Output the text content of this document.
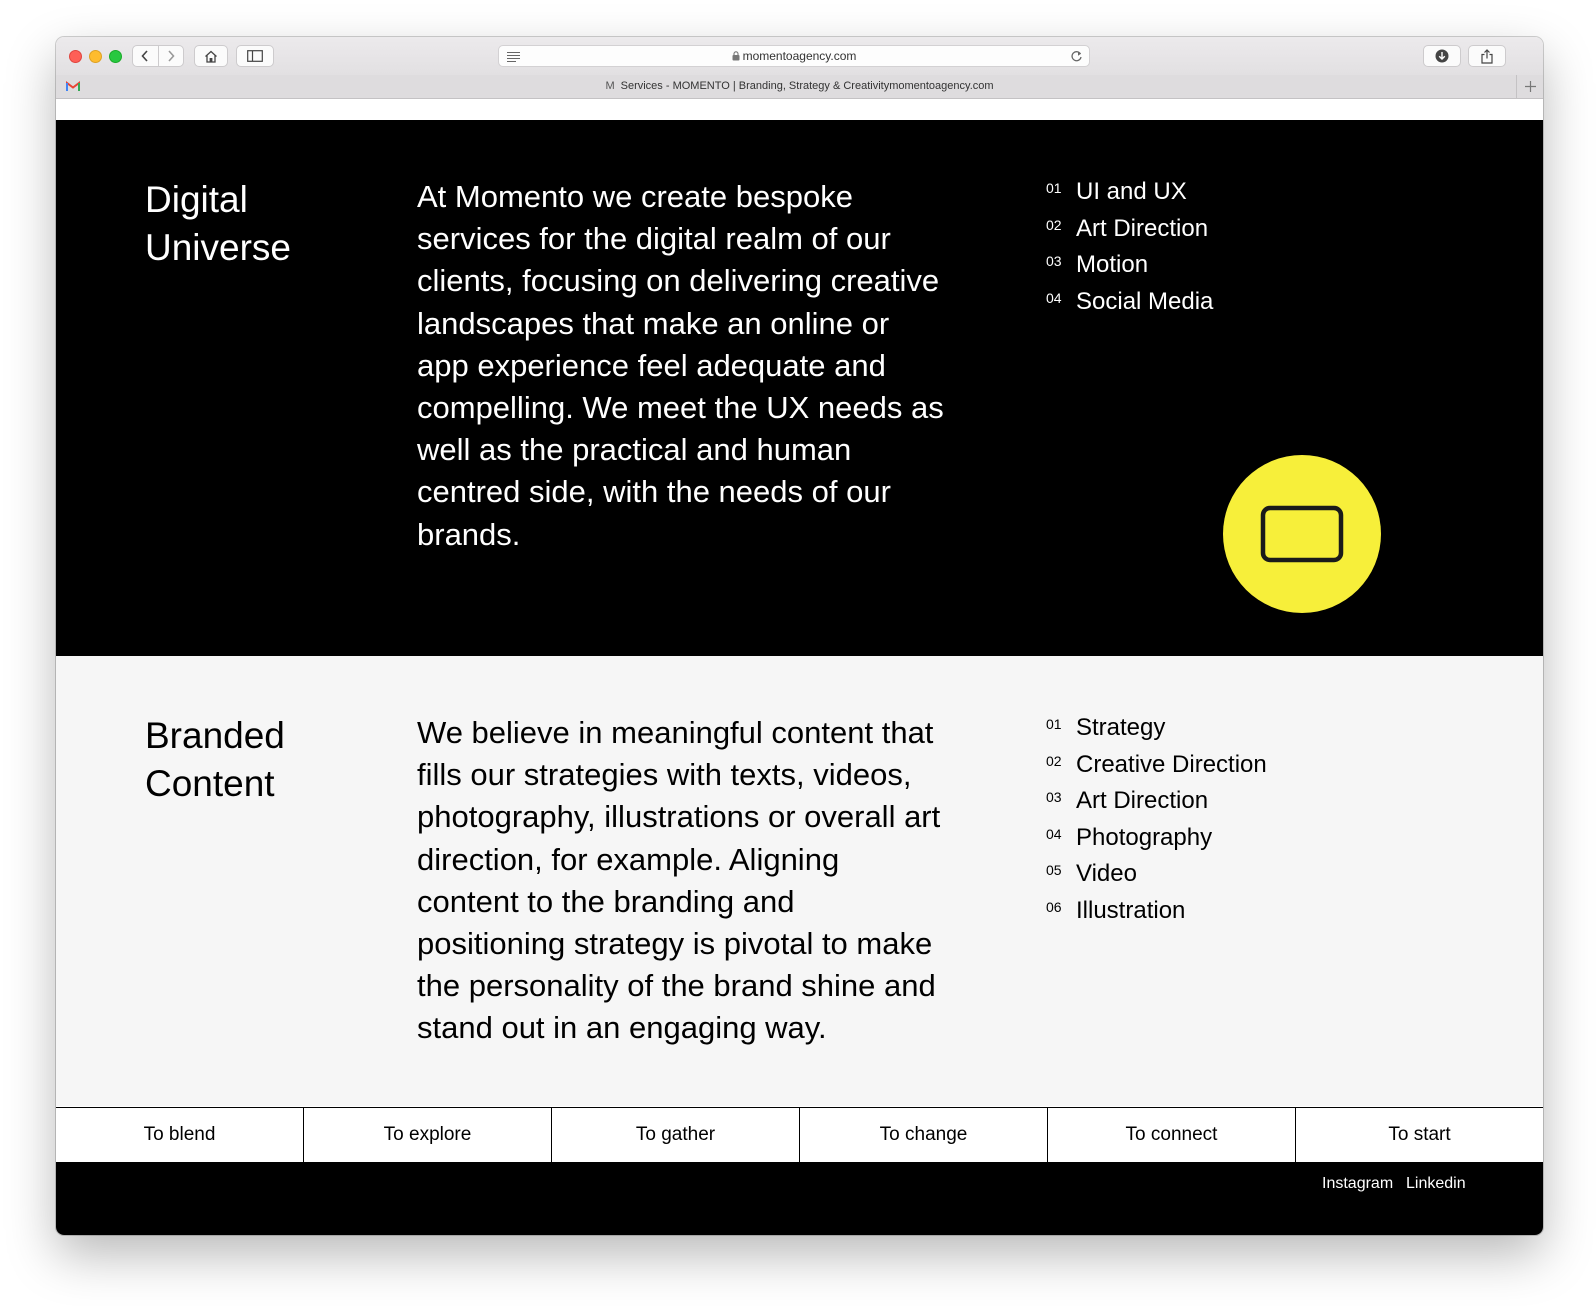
momentoagency.com
M Services - MOMENTO | Branding, Strategy & Creativitymomentoagency.com
Digital
Universe

At Momento we create bespoke services for the digital realm of our clients, focusing on delivering creative landscapes that make an online or app experience feel adequate and compelling. We meet the UX needs as well as the practical and human centred side, with the needs of our brands.

01 UI and UX
02 Art Direction
03 Motion
04 Social Media
Branded
Content

We believe in meaningful content that fills our strategies with texts, videos, photography, illustrations or overall art direction, for example. Aligning content to the branding and positioning strategy is pivotal to make the personality of the brand shine and stand out in an engaging way.

01 Strategy
02 Creative Direction
03 Art Direction
04 Photography
05 Video
06 Illustration
To blend	To explore	To gather	To change	To connect	To start
Instagram Linkedin
